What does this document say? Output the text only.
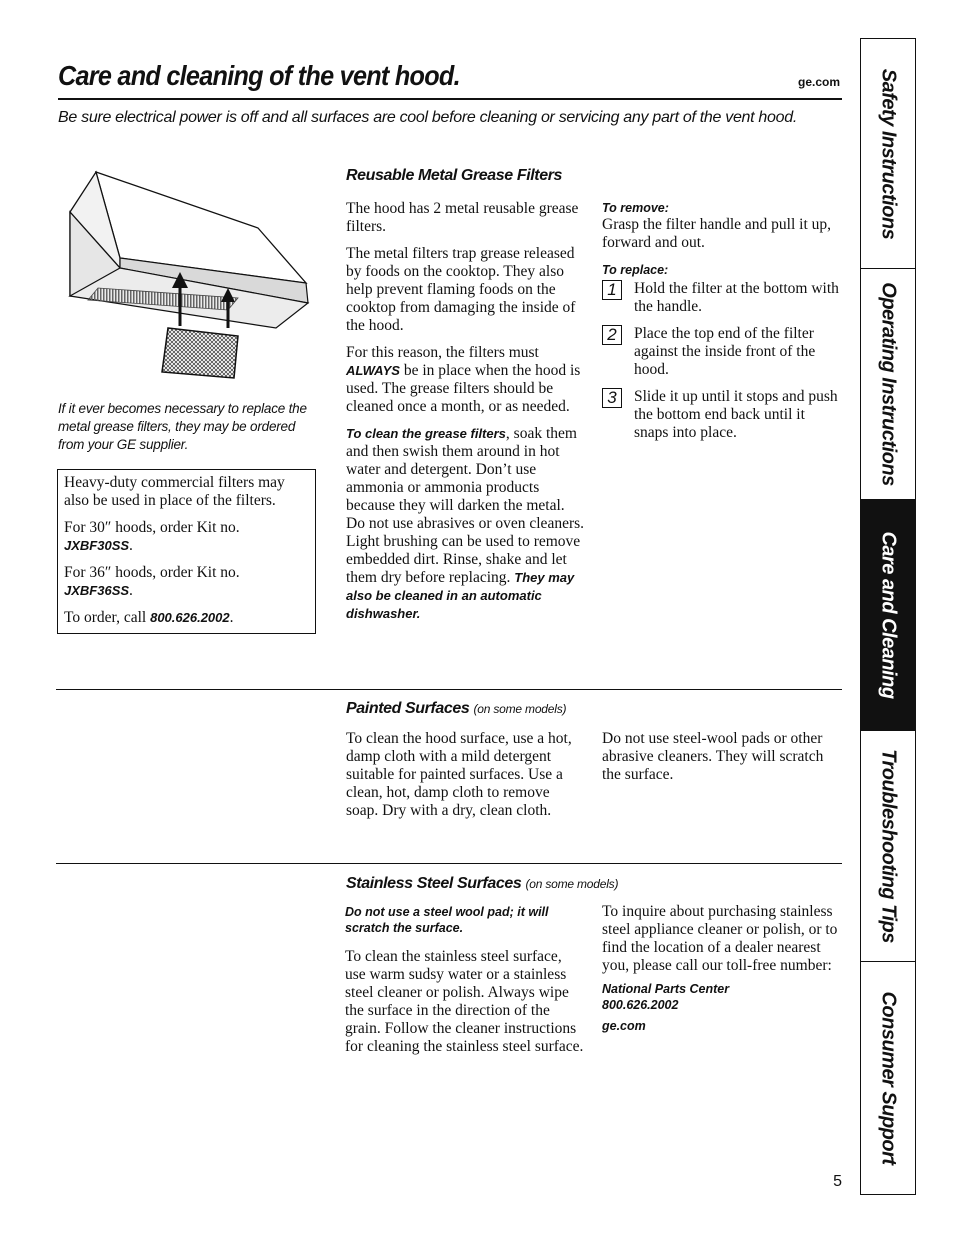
Care and cleaning of the vent hood.	ge.com
Be sure electrical power is off and all surfaces are cool before cleaning or servicing any part of the vent hood.
If it ever becomes necessary to replace the metal grease filters, they may be ordered from your GE supplier.

Heavy-duty commercial filters may also be used in place of the filters.

For 30″ hoods, order Kit no.
JXBF30SS.

For 36″ hoods, order Kit no.
JXBF36SS.

To order, call 800.626.2002.

Reusable Metal Grease Filters

The hood has 2 metal reusable grease filters.

The metal filters trap grease released by foods on the cooktop. They also help prevent flaming foods on the cooktop from damaging the inside of the hood.

For this reason, the filters must ALWAYS be in place when the hood is used. The grease filters should be cleaned once a month, or as needed.

To clean the grease filters, soak them and then swish them around in hot water and detergent. Don’t use ammonia or ammonia products because they will darken the metal. Do not use abrasives or oven cleaners. Light brushing can be used to remove embedded dirt. Rinse, shake and let them dry before replacing. They may also be cleaned in an automatic dishwasher.

To remove:

Grasp the filter handle and pull it up, forward and out.

To replace:
1	Hold the filter at the bottom with the handle.
2	Place the top end of the filter against the inside front of the hood.
3	Slide it up until it stops and push the bottom end back until it snaps into place.
Painted Surfaces (on some models)
To clean the hood surface, use a hot, damp cloth with a mild detergent suitable for painted surfaces. Use a clean, hot, damp cloth to remove soap. Dry with a dry, clean cloth.
Do not use steel-wool pads or other abrasive cleaners. They will scratch the surface.
Stainless Steel Surfaces (on some models)
Do not use a steel wool pad; it will scratch the surface.

To clean the stainless steel surface, use warm sudsy water or a stainless steel cleaner or polish. Always wipe the surface in the direction of the grain. Follow the cleaner instructions for cleaning the stainless steel surface.

To inquire about purchasing stainless steel appliance cleaner or polish, or to find the location of a dealer nearest you, please call our toll-free number:

National Parts Center
800.626.2002
ge.com
Safety Instructions
Operating Instructions
Care and Cleaning
Troubleshooting Tips
Consumer Support
5
